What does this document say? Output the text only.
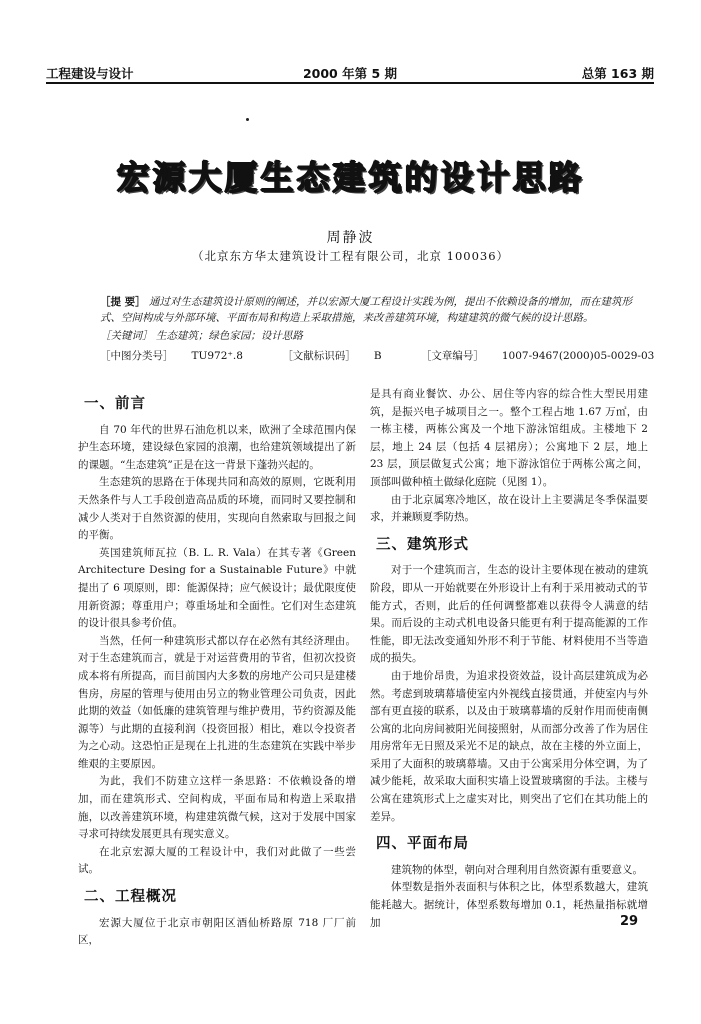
工程建设与设计	2000 年第 5 期	总第 163 期
宏源大厦生态建筑的设计思路
周静波
（北京东方华太建筑设计工程有限公司，北京 100036）

［提 要］ 通过对生态建筑设计原则的阐述，并以宏源大厦工程设计实践为例，提出不依赖设备的增加，而在建筑形式、空间构成与外部环境、平面布局和构造上采取措施，来改善建筑环境，构建建筑的微气候的设计思路。

［关键词］ 生态建筑；绿色家园；设计思路
［中图分类号］ TU972⁺.8	［文献标识码］ B	［文章编号］ 1007-9467(2000)05-0029-03
一、前言

自 70 年代的世界石油危机以来，欧洲了全球范围内保护生态环境，建设绿色家园的浪潮，也给建筑领域提出了新的课题。“生态建筑”正是在这一背景下蓬勃兴起的。

生态建筑的思路在于体现共同和高效的原则，它既利用天然条件与人工手段创造高品质的环境，而同时又要控制和减少人类对于自然资源的使用，实现向自然索取与回报之间的平衡。

英国建筑师瓦拉（B. L. R. Vala）在其专著《Green Architecture Desing for a Sustainable Future》中就提出了 6 项原则，即：能源保持；应气候设计；最优限度使用新资源；尊重用户；尊重场址和全面性。它们对生态建筑的设计很具参考价值。

当然，任何一种建筑形式都以存在必然有其经济理由。对于生态建筑而言，就是于对运营费用的节省，但初次投资成本将有所提高，而目前国内大多数的房地产公司只是建楼售房，房屋的管理与使用由另立的物业管理公司负责，因此此期的效益（如低廉的建筑管理与维护费用，节约资源及能源等）与此期的直接利润（投资回报）相比，难以令投资者为之心动。这恐怕正是现在上扎进的生态建筑在实践中举步维艰的主要原因。

为此，我们不防建立这样一条思路：不依赖设备的增加，而在建筑形式、空间构成，平面布局和构造上采取措施，以改善建筑环境，构建建筑微气候，这对于发展中国家寻求可持续发展更具有现实意义。

在北京宏源大厦的工程设计中，我们对此做了一些尝试。

二、工程概况

宏源大厦位于北京市朝阳区酒仙桥路原 718 厂厂前区，

是具有商业餐饮、办公、居住等内容的综合性大型民用建筑，是振兴电子城项目之一。整个工程占地 1.67 万㎡，由一栋主楼，两栋公寓及一个地下游泳馆组成。主楼地下 2 层，地上 24 层（包括 4 层裙房）；公寓地下 2 层，地上 23 层，顶层做复式公寓；地下游泳馆位于两栋公寓之间，顶部叫做种植土做绿化庭院（见图 1）。

由于北京属寒冷地区，故在设计上主要满足冬季保温要求，并兼顾夏季防热。

三、建筑形式

对于一个建筑而言，生态的设计主要体现在被动的建筑阶段，即从一开始就要在外形设计上有利于采用被动式的节能方式，否则，此后的任何调整都难以获得令人满意的结果。而后设的主动式机电设备只能更有利于提高能源的工作性能，即无法改变通知外形不利于节能、材料使用不当等造成的损失。

由于地价昂贵，为追求投资效益，设计高层建筑成为必然。考虑到玻璃幕墙使室内外视线直接贯通，并使室内与外部有更直接的联系，以及由于玻璃幕墙的反射作用而使南侧公寓的北向房间被阳光间接照射，从而部分改善了作为居住用房常年无日照及采光不足的缺点，故在主楼的外立面上，采用了大面积的玻璃幕墙。又由于公寓采用分体空调，为了减少能耗，故采取大面积实墙上设置玻璃窗的手法。主楼与公寓在建筑形式上之虚实对比，则突出了它们在其功能上的差异。

四、平面布局

建筑物的体型，朝向对合理利用自然资源有重要意义。

体型数是指外表面积与体积之比，体型系数越大，建筑能耗越大。据统计，体型系数每增加 0.1，耗热量指标就增加	29
